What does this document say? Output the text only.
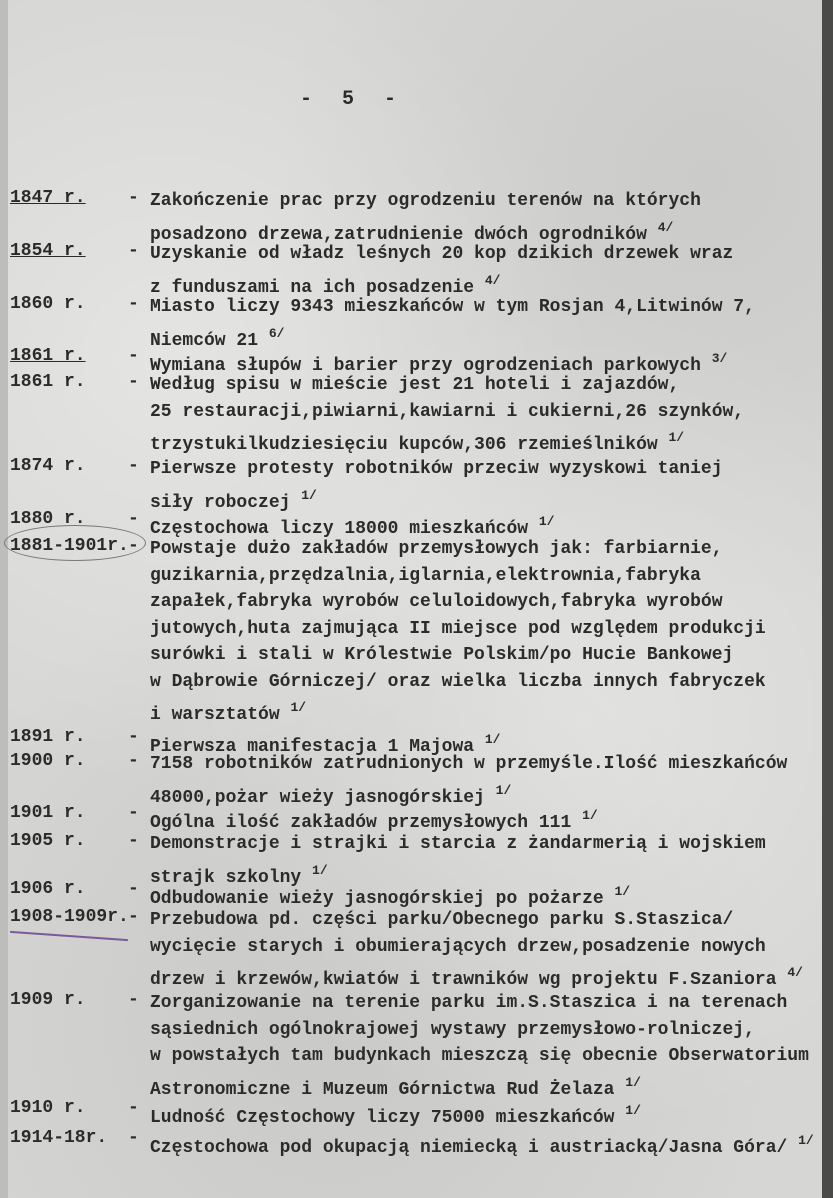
-  5  -
1847 r. - Zakończenie prac przy ogrodzeniu terenów na których
posadzono drzewa,zatrudnienie dwóch ogrodników $^{4/}$
1854 r. - Uzyskanie od władz leśnych 20 kop dzikich drzewek wraz
z funduszami na ich posadzenie $^{4/}$
1860 r. - Miasto liczy 9343 mieszkańców w tym Rosjan 4,Litwinów 7,
Niemców 21 $^{6/}$
1861 r. - Wymiana słupów i barier przy ogrodzeniach parkowych $^{3/}$
1861 r. - Według spisu w mieście jest 21 hoteli i zajazdów,
25 restauracji,piwiarni,kawiarni i cukierni,26 szynków,
trzystukilkudziesięciu kupców,306 rzemieślników $^{1/}$
1874 r. - Pierwsze protesty robotników przeciw wyzyskowi taniej
siły roboczej $^{1/}$
1880 r. - Częstochowa liczy 18000 mieszkańców $^{1/}$
1881-1901r. - Powstaje dużo zakładów przemysłowych jak: farbiarnie,
guzikarnia,przędzalnia,iglarnia,elektrownia,fabryka
zapałek,fabryka wyrobów celuloidowych,fabryka wyrobów
jutowych,huta zajmująca II miejsce pod względem produkcji
surówki i stali w Królestwie Polskim/po Hucie Bankowej
w Dąbrowie Górniczej/ oraz wielka liczba innych fabryczek
i warsztatów $^{1/}$
1891 r. - Pierwsza manifestacja 1 Majowa $^{1/}$
1900 r. - 7158 robotników zatrudnionych w przemyśle.Ilość mieszkańców
48000,pożar wieży jasnogórskiej $^{1/}$
1901 r. - Ogólna ilość zakładów przemysłowych 111 $^{1/}$
1905 r. - Demonstracje i strajki i starcia z żandarmerią i wojskiem
strajk szkolny $^{1/}$
1906 r. - Odbudowanie wieży jasnogórskiej po pożarze $^{1/}$
1908-1909r. - Przebudowa pd. części parku/Obecnego parku S.Staszica/
wycięcie starych i obumierających drzew,posadzenie nowych
drzew i krzewów,kwiatów i trawników wg projektu F.Szaniora $^{4/}$
1909 r. - Zorganizowanie na terenie parku im.S.Staszica i na terenach
sąsiednich ogólnokrajowej wystawy przemysłowo-rolniczej,
w powstałych tam budynkach mieszczą się obecnie Obserwatorium
Astronomiczne i Muzeum Górnictwa Rud Żelaza $^{1/}$
1910 r. - Ludność Częstochowy liczy 75000 mieszkańców $^{1/}$
1914-18r. - Częstochowa pod okupacją niemiecką i austriacką/Jasna Góra/ $^{1/}$
